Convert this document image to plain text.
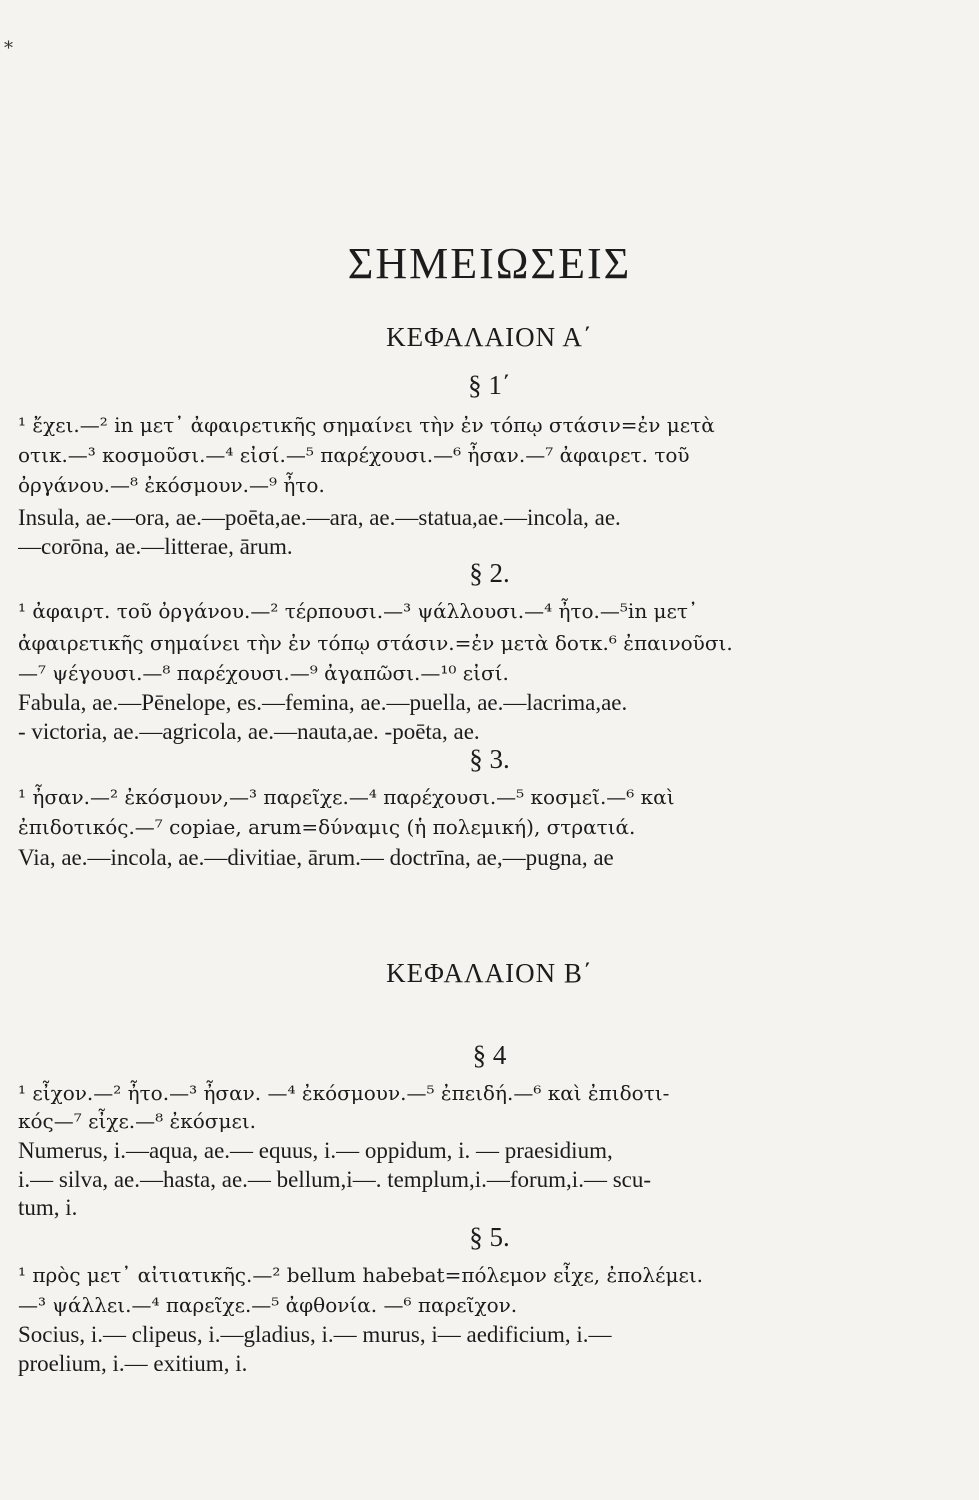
*
ΣΗΜΕΙΩΣΕΙΣ
ΚΕΦΑΛΑΙΟΝ Α΄
§ 1΄
¹ ἔχει.—² in μετ᾽ ἀφαιρετικῆς σημαίνει τὴν ἐν τόπῳ στάσιν=ἐν μετὰ
οτικ.—³ κοσμοῦσι.—⁴ εἰσί.—⁵ παρέχουσι.—⁶ ἦσαν.—⁷ ἀφαιρετ. τοῦ
ὀργάνου.—⁸ ἐκόσμουν.—⁹ ἦτο.
Insula, ae.—ora, ae.—poēta,ae.—ara, ae.—statua,ae.—incola, ae.
—corōna, ae.—litterae, ārum.
§ 2.
¹ ἀφαιρτ. τοῦ ὀργάνου.—² τέρπουσι.—³ ψάλλουσι.—⁴ ἦτο.—⁵in μετ᾽
ἀφαιρετικῆς σημαίνει τὴν ἐν τόπῳ στάσιν.=ἐν μετὰ δοτκ.⁶ ἐπαινοῦσι.
—⁷ ψέγουσι.—⁸ παρέχουσι.—⁹ ἀγαπῶσι.—¹⁰ εἰσί.
Fabula, ae.—Pēnelope, es.—femina, ae.—puella, ae.—lacrima,ae.
- victoria, ae.—agricola, ae.—nauta,ae. -poēta, ae.
§ 3.
¹ ἦσαν.—² ἐκόσμουν,—³ παρεῖχε.—⁴ παρέχουσι.—⁵ κοσμεῖ.—⁶ καὶ
ἐπιδοτικός.—⁷ copiae, arum=δύναμις (ἡ πολεμική), στρατιά.
Via, ae.—incola, ae.—divitiae, ārum.— doctrīna, ae,—pugna, ae
ΚΕΦΑΛΑΙΟΝ Β΄
§ 4
¹ εἶχον.—² ἦτο.—³ ἦσαν. —⁴ ἐκόσμουν.—⁵ ἐπειδή.—⁶ καὶ ἐπιδοτι-
κός—⁷ εἶχε.—⁸ ἐκόσμει.
Numerus, i.—aqua, ae.— equus, i.— oppidum, i. — praesidium,
i.— silva, ae.—hasta, ae.— bellum,i—. templum,i.—forum,i.— scu-
tum, i.
§ 5.
¹ πρὸς μετ᾽ αἰτιατικῆς.—² bellum habebat=πόλεμον εἶχε, ἐπολέμει.
—³ ψάλλει.—⁴ παρεῖχε.—⁵ ἀφθονία. —⁶ παρεῖχον.
Socius, i.— clipeus, i.—gladius, i.— murus, i— aedificium, i.—
proelium, i.— exitium, i.
